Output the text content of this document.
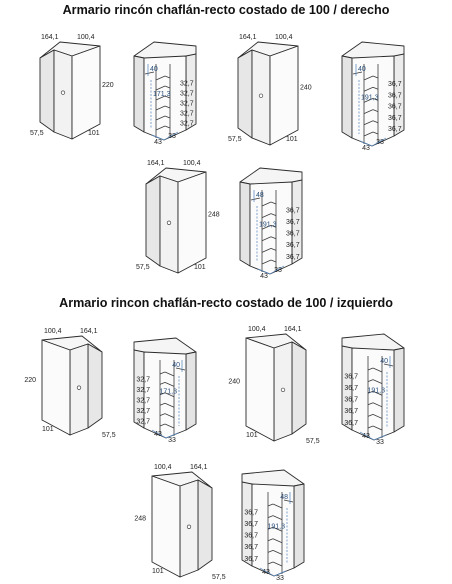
Armario rincón chaflán-recto costado de 100 / derecho
Armario rincon chaflán-recto costado de 100 / izquierdo
164,1	100,4
220
57,5	101
40
171,3
32,7
32,7
32,7
32,7
32,7
43
33
164,1	100,4
240
57,5	101
40
191,3
36,7
36,7
36,7
36,7
36,7
43
33
164,1	100,4
248
57,5	101
48
191,3
36,7
36,7
36,7
36,7
36,7
43
33
100,4	164,1
220
101
57,5
40
171,3
32,7
32,7
32,7
32,7
32,7
33
43
100,4	164,1
240
101
57,5
40
191,3
36,7
36,7
36,7
36,7
36,7
33
43
100,4	164,1
248
101
57,5
48
191,3
36,7
36,7
36,7
36,7
36,7
33
43
